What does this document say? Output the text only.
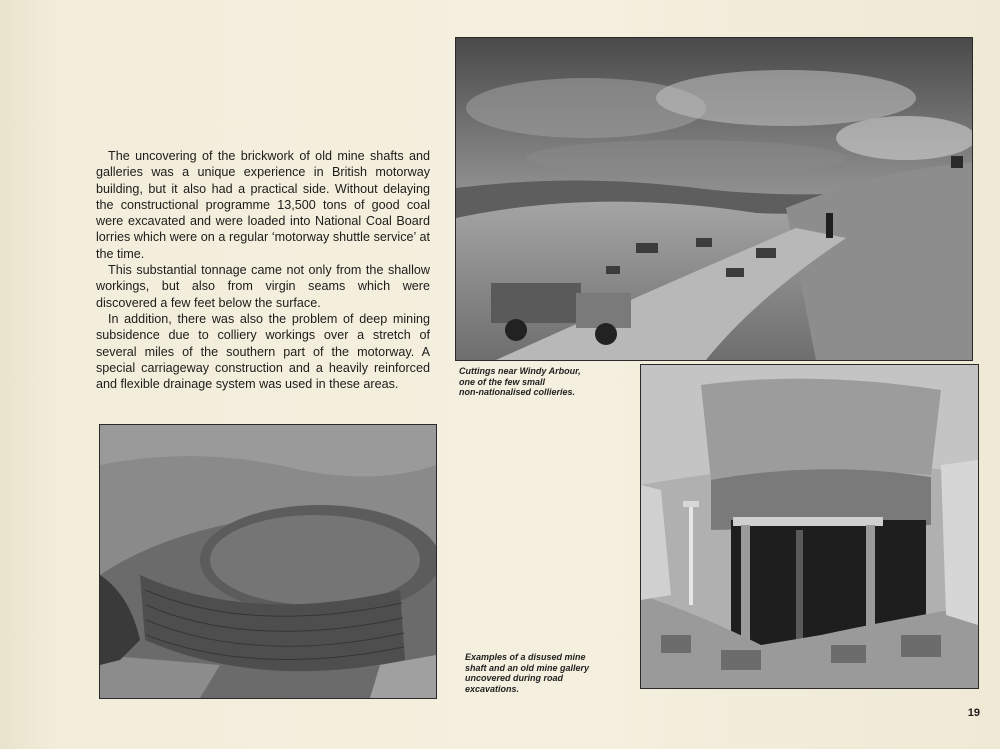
The uncovering of the brickwork of old mine shafts and galleries was a unique experience in British motorway building, but it also had a practical side. Without delaying the constructional programme 13,500 tons of good coal were excavated and were loaded into National Coal Board lorries which were on a regular ‘motorway shuttle service’ at the time.

This substantial tonnage came not only from the shallow workings, but also from virgin seams which were discovered a few feet below the surface.

In addition, there was also the problem of deep mining subsidence due to colliery workings over a stretch of several miles of the southern part of the motorway. A special carriageway construction and a heavily reinforced and flexible drainage system was used in these areas.

Cuttings near Windy Arbour,
one of the few small
non-nationalised collieries.
Examples of a disused mine
shaft and an old mine gallery
uncovered during road
excavations.
19
